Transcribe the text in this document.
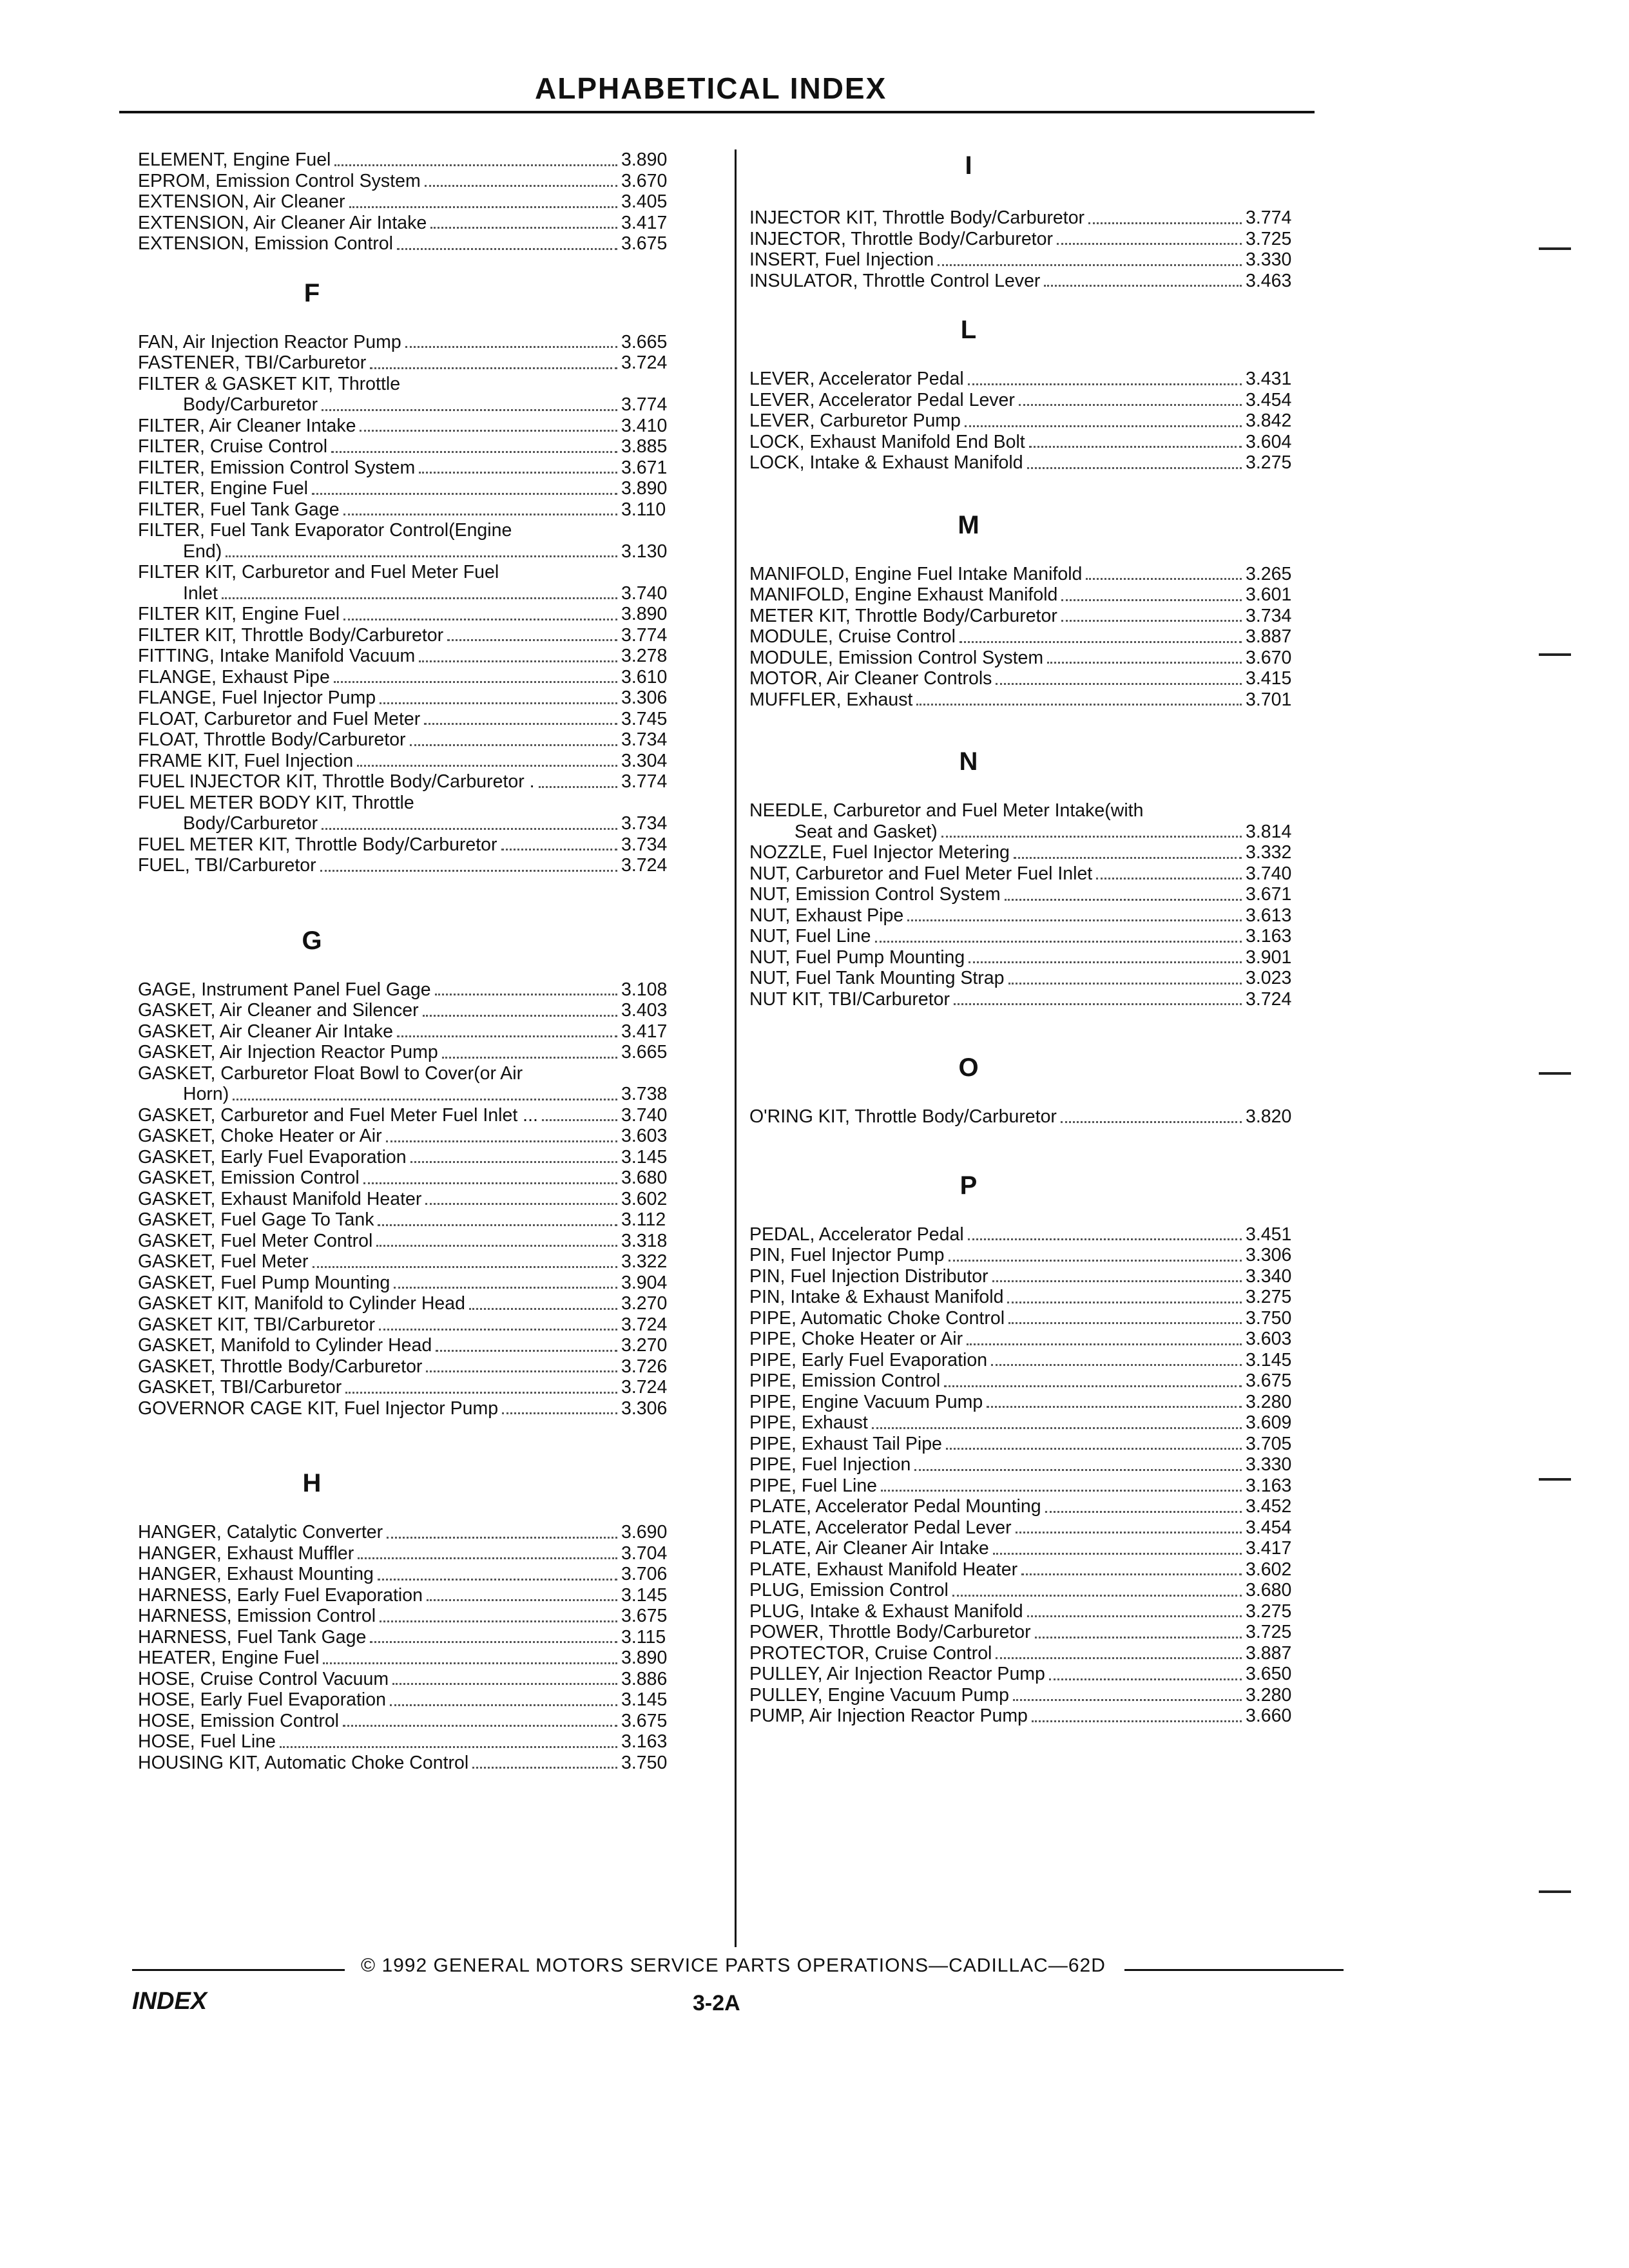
ALPHABETICAL INDEX
ELEMENT, Engine Fuel	3.890
EPROM, Emission Control System	3.670
EXTENSION, Air Cleaner	3.405
EXTENSION, Air Cleaner Air Intake	3.417
EXTENSION, Emission Control	3.675
F
FAN, Air Injection Reactor Pump	3.665
FASTENER, TBI/Carburetor	3.724
FILTER & GASKET KIT, Throttle
Body/Carburetor	3.774
FILTER, Air Cleaner Intake	3.410
FILTER, Cruise Control	3.885
FILTER, Emission Control System	3.671
FILTER, Engine Fuel	3.890
FILTER, Fuel Tank Gage	3.110
FILTER, Fuel Tank Evaporator Control(Engine
End)	3.130
FILTER KIT, Carburetor and Fuel Meter Fuel
Inlet	3.740
FILTER KIT, Engine Fuel	3.890
FILTER KIT, Throttle Body/Carburetor	3.774
FITTING, Intake Manifold Vacuum	3.278
FLANGE, Exhaust Pipe	3.610
FLANGE, Fuel Injector Pump	3.306
FLOAT, Carburetor and Fuel Meter	3.745
FLOAT, Throttle Body/Carburetor	3.734
FRAME KIT, Fuel Injection	3.304
FUEL INJECTOR KIT, Throttle Body/Carburetor .	3.774
FUEL METER BODY KIT, Throttle
Body/Carburetor	3.734
FUEL METER KIT, Throttle Body/Carburetor	3.734
FUEL, TBI/Carburetor	3.724
G
GAGE, Instrument Panel Fuel Gage	3.108
GASKET, Air Cleaner and Silencer	3.403
GASKET, Air Cleaner Air Intake	3.417
GASKET, Air Injection Reactor Pump	3.665
GASKET, Carburetor Float Bowl to Cover(or Air
Horn)	3.738
GASKET, Carburetor and Fuel Meter Fuel Inlet ...	3.740
GASKET, Choke Heater or Air	3.603
GASKET, Early Fuel Evaporation	3.145
GASKET, Emission Control	3.680
GASKET, Exhaust Manifold Heater	3.602
GASKET, Fuel Gage To Tank	3.112
GASKET, Fuel Meter Control	3.318
GASKET, Fuel Meter	3.322
GASKET, Fuel Pump Mounting	3.904
GASKET KIT, Manifold to Cylinder Head	3.270
GASKET KIT, TBI/Carburetor	3.724
GASKET, Manifold to Cylinder Head	3.270
GASKET, Throttle Body/Carburetor	3.726
GASKET, TBI/Carburetor	3.724
GOVERNOR CAGE KIT, Fuel Injector Pump	3.306
H
HANGER, Catalytic Converter	3.690
HANGER, Exhaust Muffler	3.704
HANGER, Exhaust Mounting	3.706
HARNESS, Early Fuel Evaporation	3.145
HARNESS, Emission Control	3.675
HARNESS, Fuel Tank Gage	3.115
HEATER, Engine Fuel	3.890
HOSE, Cruise Control Vacuum	3.886
HOSE, Early Fuel Evaporation	3.145
HOSE, Emission Control	3.675
HOSE, Fuel Line	3.163
HOUSING KIT, Automatic Choke Control	3.750
I
INJECTOR KIT, Throttle Body/Carburetor	3.774
INJECTOR, Throttle Body/Carburetor	3.725
INSERT, Fuel Injection	3.330
INSULATOR, Throttle Control Lever	3.463
L
LEVER, Accelerator Pedal	3.431
LEVER, Accelerator Pedal Lever	3.454
LEVER, Carburetor Pump	3.842
LOCK, Exhaust Manifold End Bolt	3.604
LOCK, Intake & Exhaust Manifold	3.275
M
MANIFOLD, Engine Fuel Intake Manifold	3.265
MANIFOLD, Engine Exhaust Manifold	3.601
METER KIT, Throttle Body/Carburetor	3.734
MODULE, Cruise Control	3.887
MODULE, Emission Control System	3.670
MOTOR, Air Cleaner Controls	3.415
MUFFLER, Exhaust	3.701
N
NEEDLE, Carburetor and Fuel Meter Intake(with
Seat and Gasket)	3.814
NOZZLE, Fuel Injector Metering	3.332
NUT, Carburetor and Fuel Meter Fuel Inlet	3.740
NUT, Emission Control System	3.671
NUT, Exhaust Pipe	3.613
NUT, Fuel Line	3.163
NUT, Fuel Pump Mounting	3.901
NUT, Fuel Tank Mounting Strap	3.023
NUT KIT, TBI/Carburetor	3.724
O
O'RING KIT, Throttle Body/Carburetor	3.820
P
PEDAL, Accelerator Pedal	3.451
PIN, Fuel Injector Pump	3.306
PIN, Fuel Injection Distributor	3.340
PIN, Intake & Exhaust Manifold	3.275
PIPE, Automatic Choke Control	3.750
PIPE, Choke Heater or Air	3.603
PIPE, Early Fuel Evaporation	3.145
PIPE, Emission Control	3.675
PIPE, Engine Vacuum Pump	3.280
PIPE, Exhaust	3.609
PIPE, Exhaust Tail Pipe	3.705
PIPE, Fuel Injection	3.330
PIPE, Fuel Line	3.163
PLATE, Accelerator Pedal Mounting	3.452
PLATE, Accelerator Pedal Lever	3.454
PLATE, Air Cleaner Air Intake	3.417
PLATE, Exhaust Manifold Heater	3.602
PLUG, Emission Control	3.680
PLUG, Intake & Exhaust Manifold	3.275
POWER, Throttle Body/Carburetor	3.725
PROTECTOR, Cruise Control	3.887
PULLEY, Air Injection Reactor Pump	3.650
PULLEY, Engine Vacuum Pump	3.280
PUMP, Air Injection Reactor Pump	3.660
© 1992 GENERAL MOTORS SERVICE PARTS OPERATIONS—CADILLAC—62D
INDEX	3-2A
